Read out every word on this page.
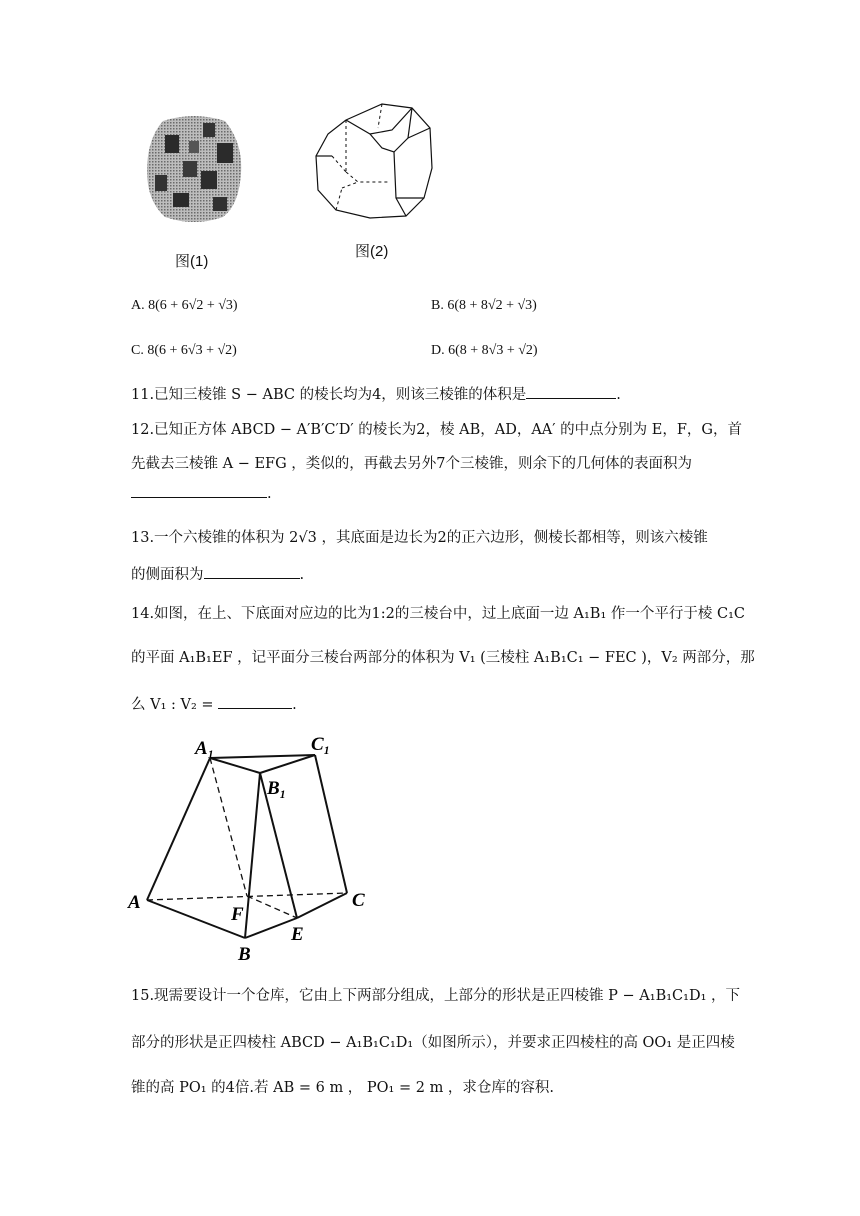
图(1)
图(2)
A. 8(6 + 6√2 + √3)	B. 6(8 + 8√2 + √3)
C. 8(6 + 6√3 + √2)	D. 6(8 + 8√3 + √2)
11.已知三棱锥 S − ABC 的棱长均为4，则该三棱锥的体积是	.
12.已知正方体 ABCD − A′B′C′D′ 的棱长为2，棱 AB，AD，AA′ 的中点分别为 E，F，G，首
先截去三棱锥 A − EFG ，类似的，再截去另外7个三棱锥，则余下的几何体的表面积为
.
13.一个六棱锥的体积为 2√3 ，其底面是边长为2的正六边形，侧棱长都相等，则该六棱锥
的侧面积为	.
14.如图，在上、下底面对应边的比为1:2的三棱台中，过上底面一边 A₁B₁ 作一个平行于棱 C₁C
的平面 A₁B₁EF ，记平面分三棱台两部分的体积为 V₁ (三棱柱 A₁B₁C₁ − FEC )，V₂ 两部分，那
么 V₁ : V₂ =	.
A₁	C₁
B₁
A
F
E
C
B
15.现需要设计一个仓库，它由上下两部分组成，上部分的形状是正四棱锥 P − A₁B₁C₁D₁ ，下
部分的形状是正四棱柱 ABCD − A₁B₁C₁D₁（如图所示），并要求正四棱柱的高 OO₁ 是正四棱
锥的高 PO₁ 的4倍.若 AB = 6 m ， PO₁ = 2 m ，求仓库的容积.
